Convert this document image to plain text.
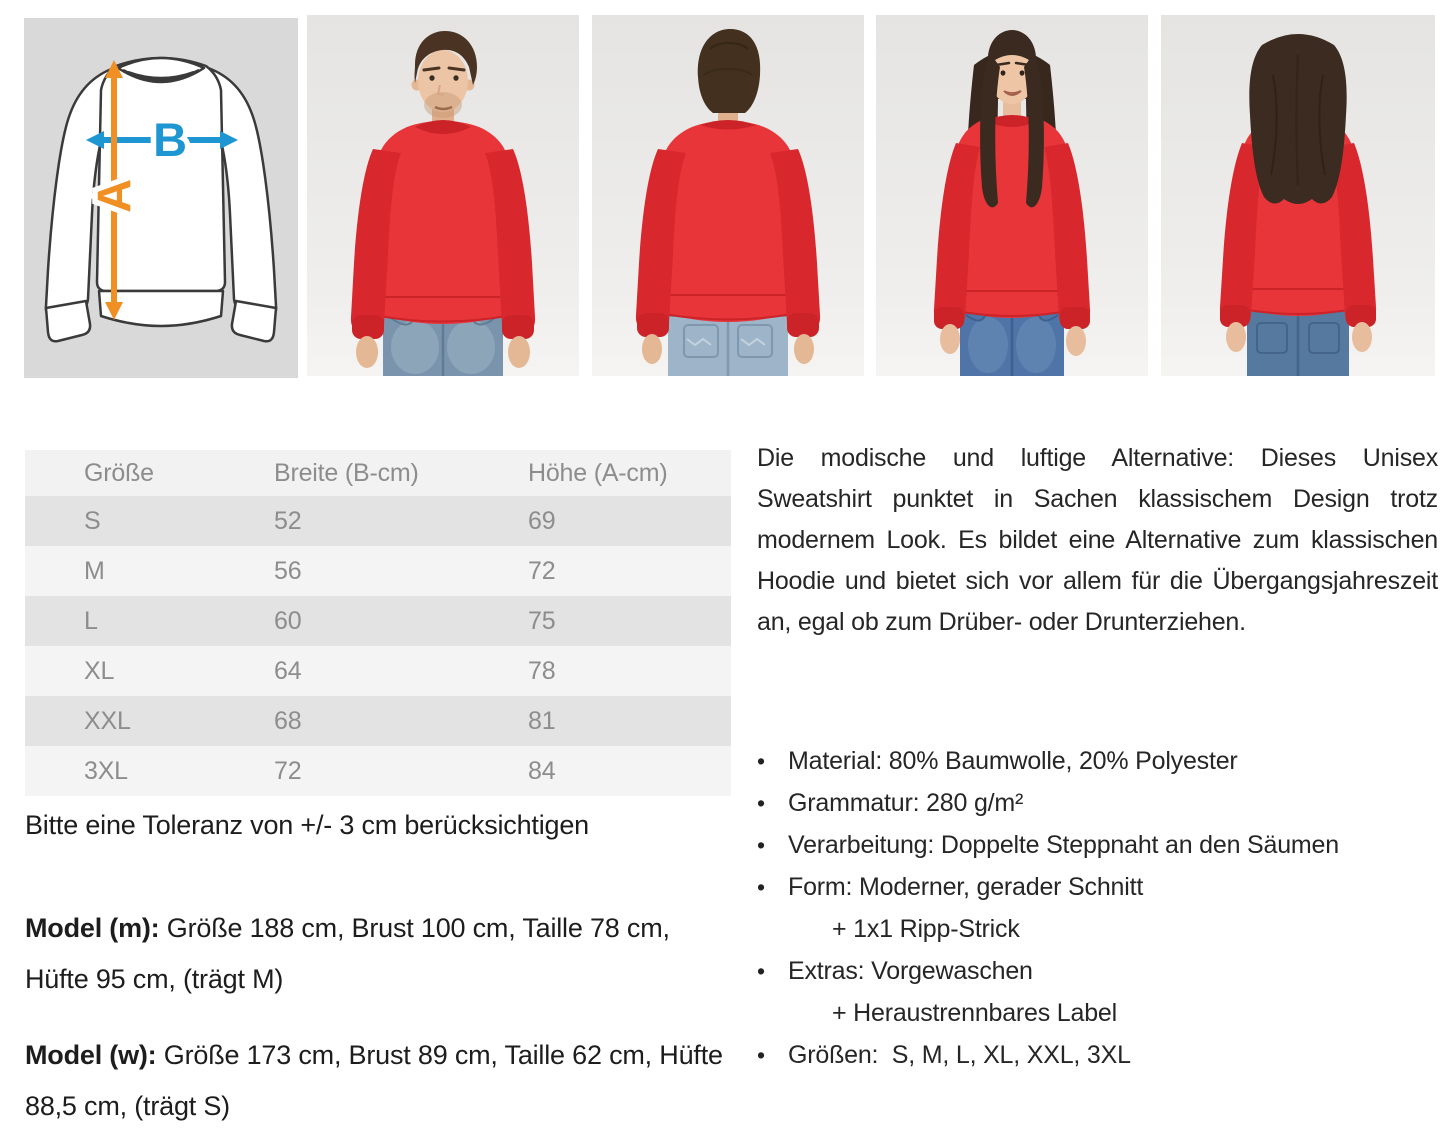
B
A
Größe	Breite (B-cm)	Höhe (A-cm)
S	52	69
M	56	72
L	60	75
XL	64	78
XXL	68	81
3XL	72	84

Bitte eine Toleranz von +/- 3 cm berücksichtigen

Model (m): Größe 188 cm, Brust 100 cm, Taille 78 cm, Hüfte 95 cm, (trägt M)

Model (w): Größe 173 cm, Brust 89 cm, Taille 62 cm, Hüfte 88,5 cm, (trägt S)

Die modische und luftige Alternative: Dieses Unisex Sweatshirt punktet in Sachen klassischem Design trotz modernem Look. Es bildet eine Alternative zum klassischen Hoodie und bietet sich vor allem für die Übergangsjahreszeit an, egal ob zum Drüber- oder Drunterziehen.

•
Material: 80% Baumwolle, 20% Polyester
•
Grammatur: 280 g/m²
•
Verarbeitung: Doppelte Steppnaht an den Säumen
•
Form: Moderner, gerader Schnitt
+ 1x1 Ripp-Strick
•
Extras: Vorgewaschen
+ Heraustrennbares Label
•
Größen:  S, M, L, XL, XXL, 3XL
